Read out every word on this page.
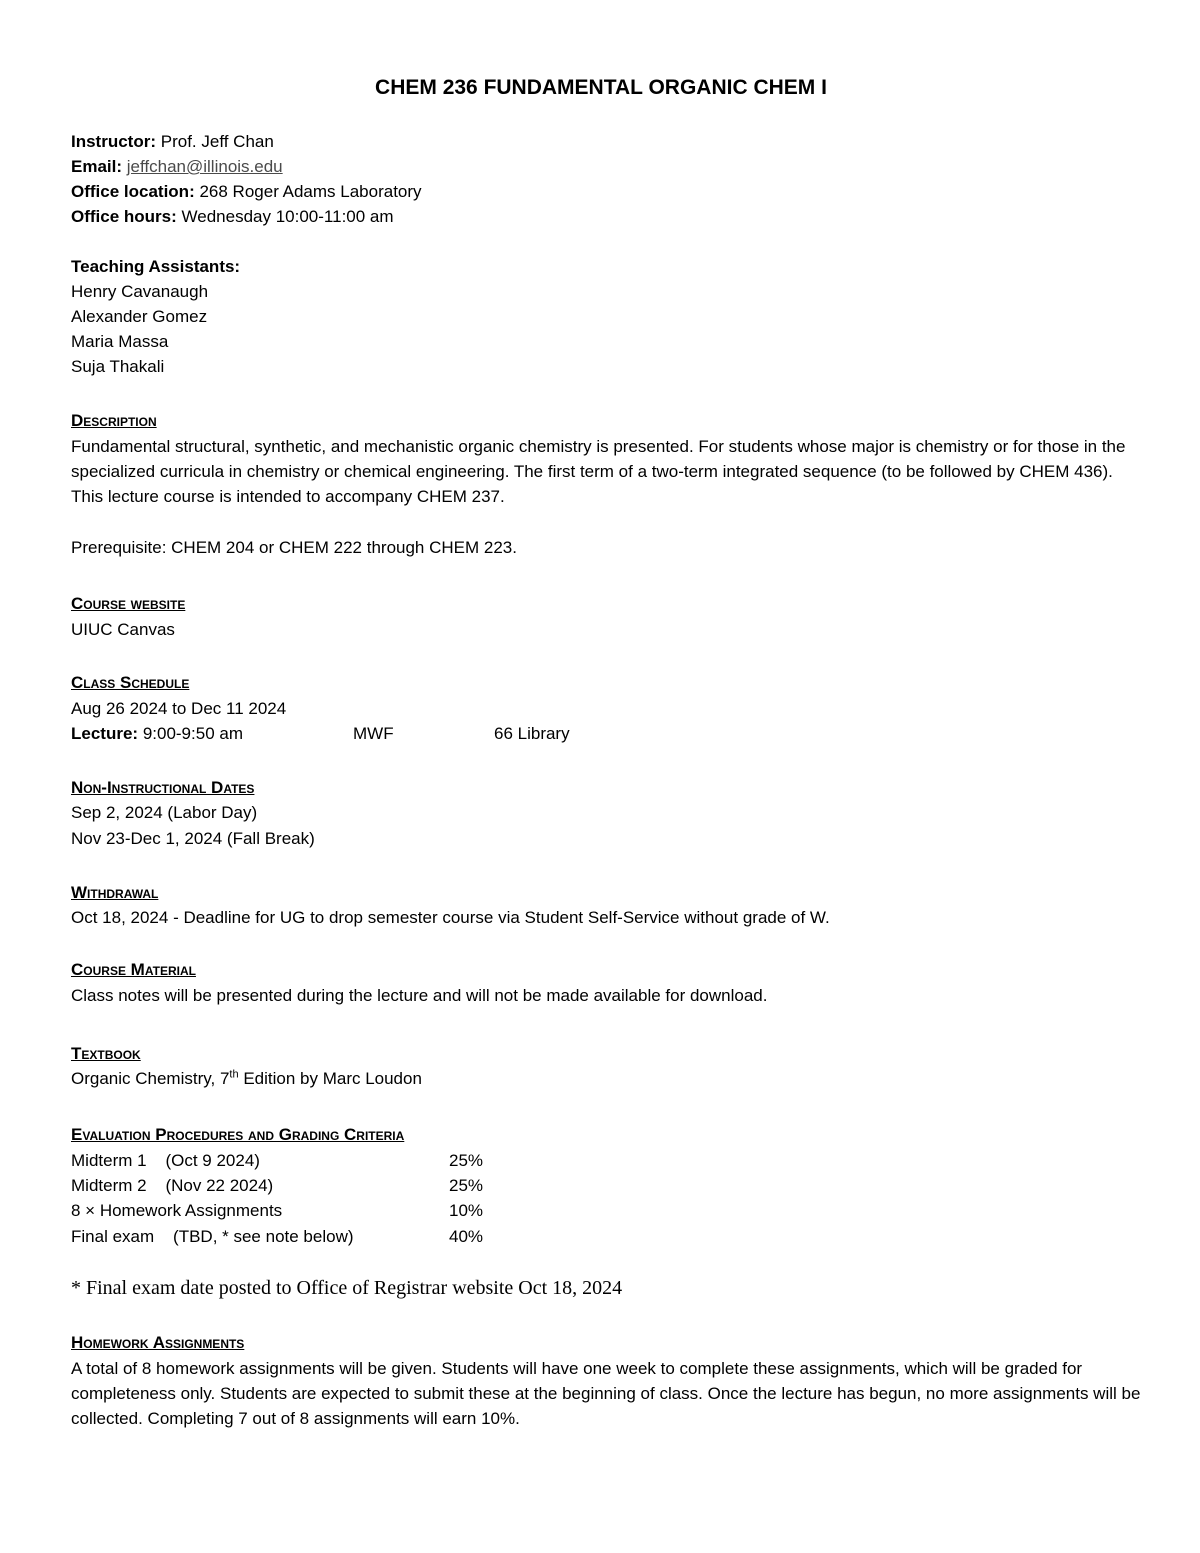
CHEM 236 FUNDAMENTAL ORGANIC CHEM I
Instructor: Prof. Jeff Chan
Email: jeffchan@illinois.edu
Office location: 268 Roger Adams Laboratory
Office hours: Wednesday 10:00-11:00 am
Teaching Assistants:
Henry Cavanaugh
Alexander Gomez
Maria Massa
Suja Thakali
Description
Fundamental structural, synthetic, and mechanistic organic chemistry is presented. For students whose major is chemistry or for those in the specialized curricula in chemistry or chemical engineering. The first term of a two-term integrated sequence (to be followed by CHEM 436). This lecture course is intended to accompany CHEM 237.
Prerequisite: CHEM 204 or CHEM 222 through CHEM 223.
Course website
UIUC Canvas
Class Schedule
Aug 26 2024 to Dec 11 2024
Lecture: 9:00-9:50 am	MWF	66 Library
Non-Instructional Dates
Sep 2, 2024 (Labor Day)
Nov 23-Dec 1, 2024 (Fall Break)
Withdrawal
Oct 18, 2024 - Deadline for UG to drop semester course via Student Self-Service without grade of W.
Course Material
Class notes will be presented during the lecture and will not be made available for download.
Textbook
Organic Chemistry, 7th Edition by Marc Loudon
Evaluation Procedures and Grading Criteria
Midterm 1    (Oct 9 2024)	25%
Midterm 2    (Nov 22 2024)	25%
8 × Homework Assignments	10%
Final exam    (TBD, * see note below)	40%
* Final exam date posted to Office of Registrar website Oct 18, 2024
Homework Assignments
A total of 8 homework assignments will be given. Students will have one week to complete these assignments, which will be graded for completeness only. Students are expected to submit these at the beginning of class. Once the lecture has begun, no more assignments will be collected. Completing 7 out of 8 assignments will earn 10%.
